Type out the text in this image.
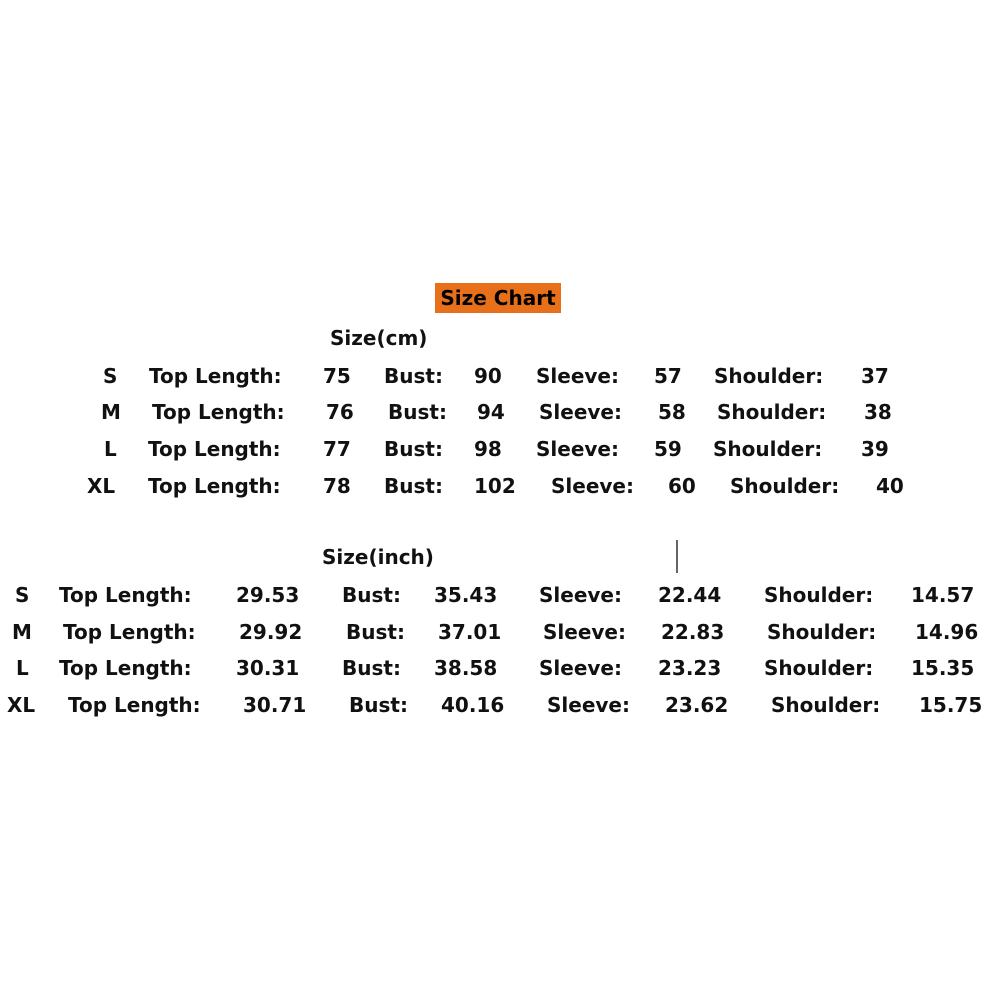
Size Chart
Size(cm)
S Top Length: 75 Bust: 90 Sleeve: 57 Shoulder: 37
M Top Length: 76 Bust: 94 Sleeve: 58 Shoulder: 38
L Top Length: 77 Bust: 98 Sleeve: 59 Shoulder: 39
XL Top Length: 78 Bust: 102 Sleeve: 60 Shoulder: 40
Size(inch)
S Top Length: 29.53 Bust: 35.43 Sleeve: 22.44 Shoulder: 14.57
M Top Length: 29.92 Bust: 37.01 Sleeve: 22.83 Shoulder: 14.96
L Top Length: 30.31 Bust: 38.58 Sleeve: 23.23 Shoulder: 15.35
XL Top Length: 30.71 Bust: 40.16 Sleeve: 23.62 Shoulder: 15.75
